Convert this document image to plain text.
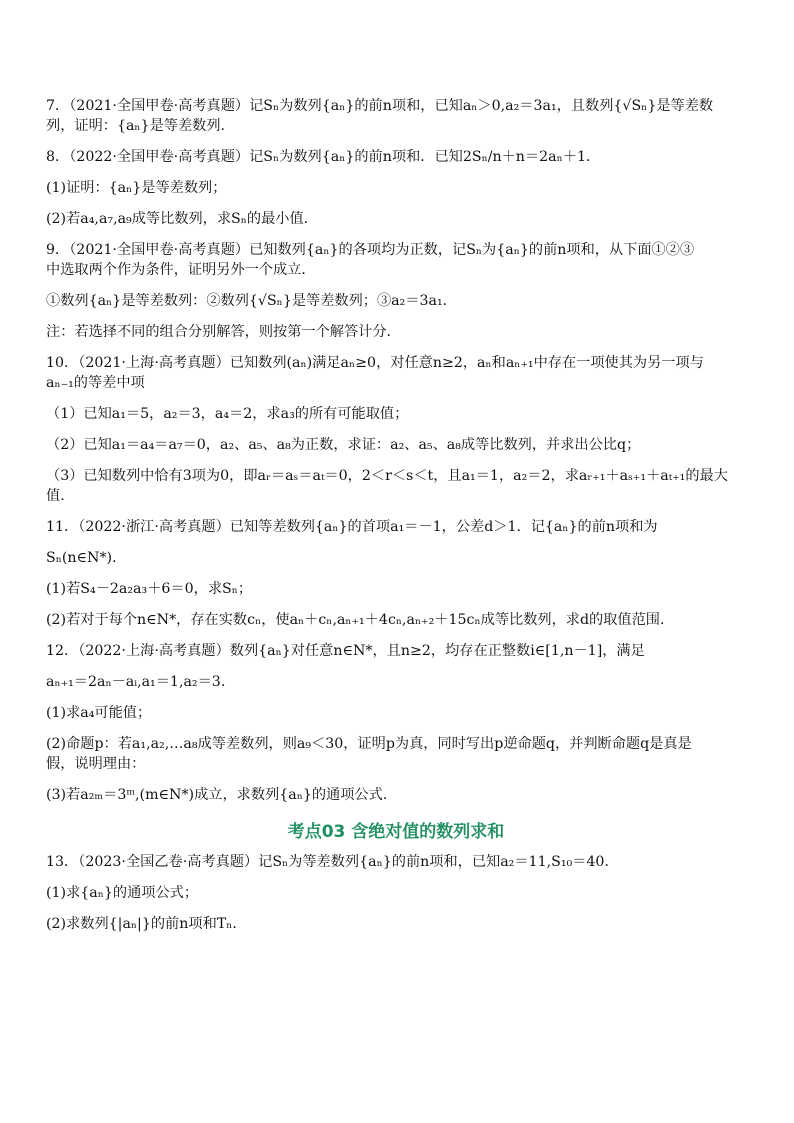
7．（2021·全国甲卷·高考真题）记Sₙ为数列{aₙ}的前n项和，已知aₙ＞0,a₂＝3a₁，且数列{√Sₙ}是等差数

列，证明：{aₙ}是等差数列.

8．（2022·全国甲卷·高考真题）记Sₙ为数列{aₙ}的前n项和．已知2Sₙ/n＋n＝2aₙ＋1．

(1)证明：{aₙ}是等差数列；

(2)若a₄,a₇,a₉成等比数列，求Sₙ的最小值．

9．（2021·全国甲卷·高考真题）已知数列{aₙ}的各项均为正数，记Sₙ为{aₙ}的前n项和，从下面①②③

中选取两个作为条件，证明另外一个成立．

①数列{aₙ}是等差数列：②数列{√Sₙ}是等差数列；③a₂＝3a₁．

注：若选择不同的组合分别解答，则按第一个解答计分．

10．（2021·上海·高考真题）已知数列(aₙ)满足aₙ≥0，对任意n≥2，aₙ和aₙ₊₁中存在一项使其为另一项与

aₙ₋₁的等差中项

（1）已知a₁＝5，a₂＝3，a₄＝2，求a₃的所有可能取值；

（2）已知a₁＝a₄＝a₇＝0，a₂、a₅、a₈为正数，求证：a₂、a₅、a₈成等比数列，并求出公比q；

（3）已知数列中恰有3项为0，即aᵣ＝aₛ＝aₜ＝0，2＜r＜s＜t，且a₁＝1，a₂＝2，求aᵣ₊₁＋aₛ₊₁＋aₜ₊₁的最大

值.

11．（2022·浙江·高考真题）已知等差数列{aₙ}的首项a₁＝－1，公差d＞1．记{aₙ}的前n项和为

Sₙ(n∈N*)．

(1)若S₄－2a₂a₃＋6＝0，求Sₙ；

(2)若对于每个n∈N*，存在实数cₙ，使aₙ＋cₙ,aₙ₊₁＋4cₙ,aₙ₊₂＋15cₙ成等比数列，求d的取值范围．

12．（2022·上海·高考真题）数列{aₙ}对任意n∈N*，且n≥2，均存在正整数i∈[1,n－1]，满足

aₙ₊₁＝2aₙ－aᵢ,a₁＝1,a₂＝3.

(1)求a₄可能值；

(2)命题p：若a₁,a₂,…a₈成等差数列，则a₉＜30，证明p为真，同时写出p逆命题q，并判断命题q是真是

假，说明理由：

(3)若a₂ₘ＝3ᵐ,(m∈N*)成立，求数列{aₙ}的通项公式.

考点03 含绝对值的数列求和

13．（2023·全国乙卷·高考真题）记Sₙ为等差数列{aₙ}的前n项和，已知a₂＝11,S₁₀＝40．

(1)求{aₙ}的通项公式；

(2)求数列{|aₙ|}的前n项和Tₙ．
